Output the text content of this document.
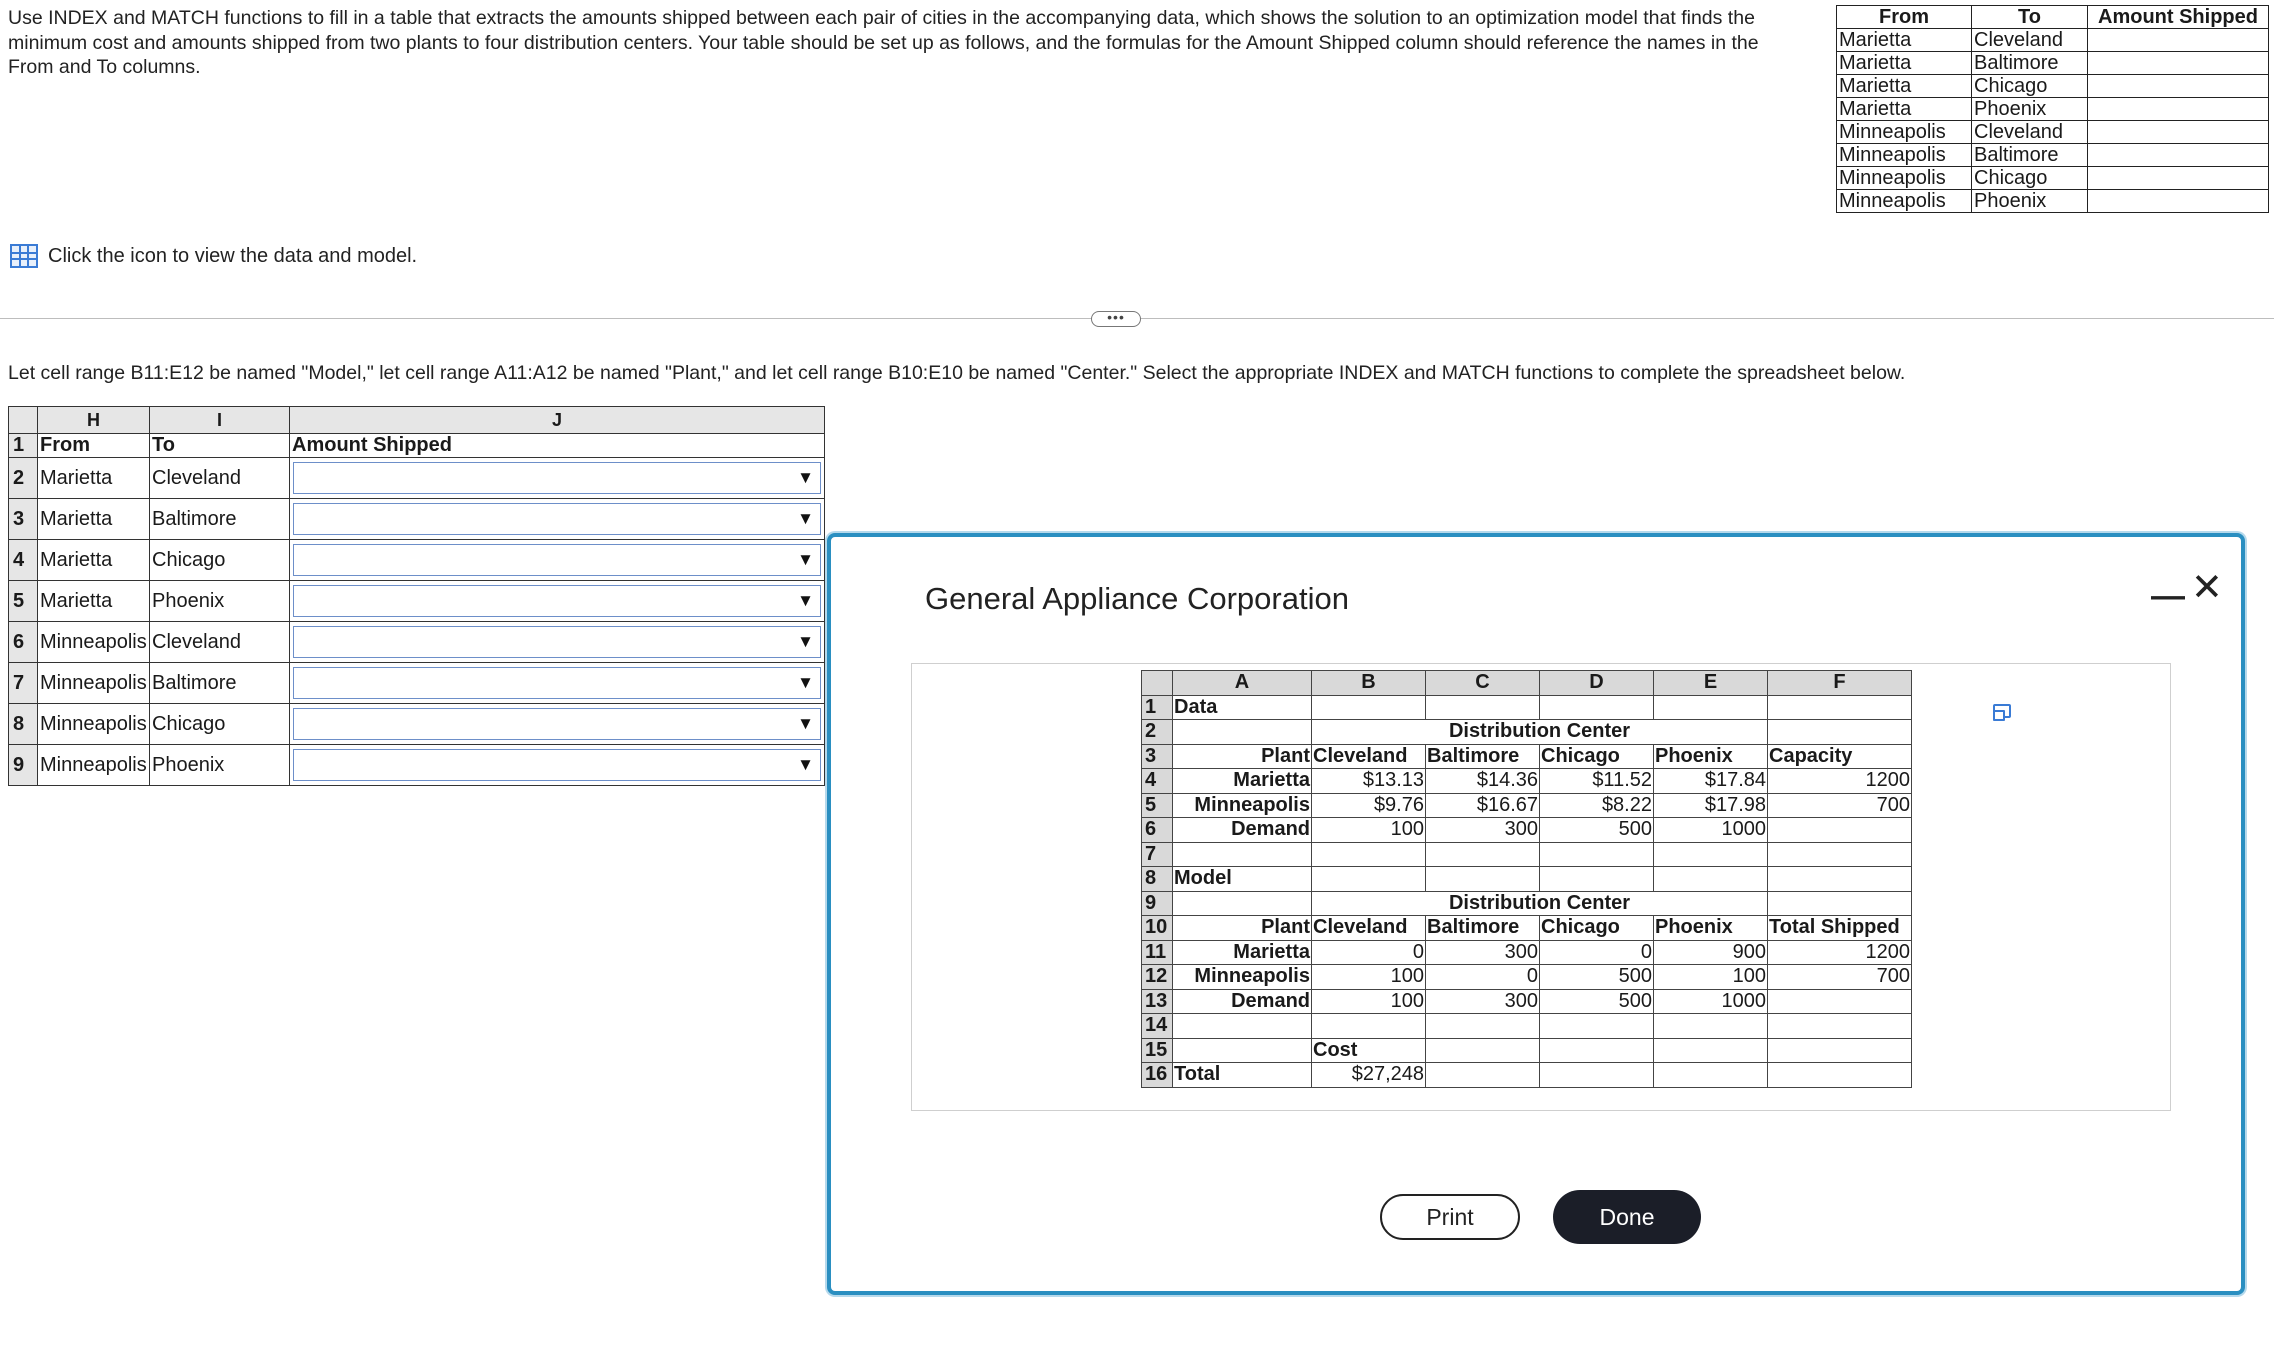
Use INDEX and MATCH functions to fill in a table that extracts the amounts shipped between each pair of cities in the accompanying data, which shows the solution to an optimization model that finds the minimum cost and amounts shipped from two plants to four distribution centers. Your table should be set up as follows, and the formulas for the Amount Shipped column should reference the names in the From and To columns.
From	To	Amount Shipped
Marietta	Cleveland	
Marietta	Baltimore	
Marietta	Chicago	
Marietta	Phoenix	
Minneapolis	Cleveland	
Minneapolis	Baltimore	
Minneapolis	Chicago	
Minneapolis	Phoenix	
Click the icon to view the data and model.
•••
Let cell range B11:E12 be named "Model," let cell range A11:A12 be named "Plant," and let cell range B10:E10 be named "Center." Select the appropriate INDEX and MATCH functions to complete the spreadsheet below.
	H	I	J
1	From	To	Amount Shipped
2	Marietta	Cleveland	▼

3	Marietta	Baltimore	▼

4	Marietta	Chicago	▼

5	Marietta	Phoenix	▼

6	Minneapolis	Cleveland	▼

7	Minneapolis	Baltimore	▼

8	Minneapolis	Chicago	▼

9	Minneapolis	Phoenix	▼
General Appliance Corporation	— ✕
	A	B	C	D	E	F
1	Data					
2		Distribution Center				
3	Plant	Cleveland	Baltimore	Chicago	Phoenix	Capacity
4	Marietta	$13.13	$14.36	$11.52	$17.84	1200
5	Minneapolis	$9.76	$16.67	$8.22	$17.98	700
6	Demand	100	300	500	1000	
7						
8	Model					
9		Distribution Center				
10	Plant	Cleveland	Baltimore	Chicago	Phoenix	Total Shipped
11	Marietta	0	300	0	900	1200
12	Minneapolis	100	0	500	100	700
13	Demand	100	300	500	1000	
14						
15		Cost				
16	Total	$27,248				
Print	Done
